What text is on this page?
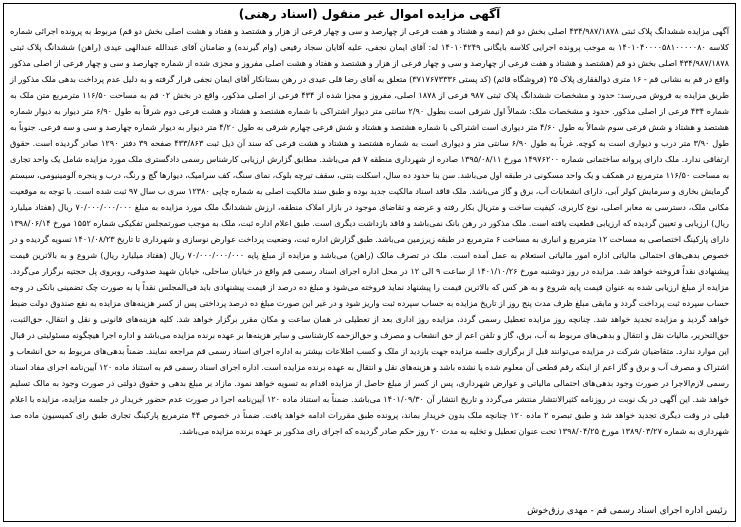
آگهی مزایده اموال غیر منقول (اسناد رهنی)
آگهی مزایده ششدانگ پلاک ثبتی ۴۳۴/۹۸۷/۱۸۷۸ اصلی بخش دو قم (نیمه و هشتاد و هفت فرعی از چهارصد و سی و چهار فرعی از هزار و هشتصد و هفتاد و هشت اصلی بخش دو قم) مربوط به پرونده اجرائی شماره کلاسه ۱۴۰۱۰۴۰۰۰۰۵۸۱۰۰۰۰۰۸۰ به موجب پرونده اجرایی کلاسه بایگانی ۱۴۰۱۰۴۲۴۹ له: آقای ایمان نجفی، علیه آقایان سجاد رفیعی (وام گیرنده) و ضامنان آقای عبدالله عبدالهی عیدی (راهن) ششدانگ پلاک ثبتی ۴۳۴/۹۸۷/۱۸۷۸ اصلی بخش دو قم (هشتصد و هشتاد و هفت فرعی از چهارصد و سی و چهار فرعی از هزار و هشتصد و هفتاد و هشت اصلی مفروز و مجزی شده از شماره چهارصد و سی و چهار فرعی از اصلی مذکور واقع در قم به نشانی قم - ۱۶ متری ذوالفقاری پلاک ۲۵ (فروشگاه قائم) (کد پستی ۳۷۱۷۶۷۳۳۳۶) متعلق به آقای رضا قلی عیدی در رهن بستانکار آقای ایمان نجفی قرار گرفته و به دلیل عدم پرداخت بدهی ملک مذکور از طریق مزایده به فروش می‌رسد: حدود و مشخصات ششدانگ پلاک ثبتی ۹۸۷ فرعی از ۱۸۷۸ اصلی، مفروز و مجزا شده از ۴۳۴ فرعی از اصلی مذکور، واقع در بخش ۰۲ قم به مساحت ۱۱۶/۵۰ مترمربع متن ملک به شماره ۴۳۴ فرعی از اصلی مذکور. حدود و مشخصات ملک: شمالاً اول شرقی است بطول ۲/۹۰ سانتی متر دیوار اشتراکی با شماره هشتصد و هشتاد و هشت فرعی دوم شرقاً به طول ۶/۹۰ متر دیوار به دیوار شماره هشتصد و هشتاد و شش فرعی سوم شمالاً به طول ۴/۶۰ متر دیواری است اشتراکی با شماره هشتصد و هشتاد و شش فرعی چهارم شرقی به طول ۴/۲۰ متر دیوار به دیوار شماره چهارصد و سی و سه فرعی. جنوباً به طول ۳/۹۰ متر درب و دیواری است به کوچه. غرباً به طول ۶/۹۰ سانتی متر و دیواری است به شماره هشتصد و هشتاد و هشت فرعی که سند آن ذیل ثبت ۴۳۳/۸۶۳ صفحه ۳۹ دفتر ۱۲۹۰ صادر گردیده است. حقوق ارتفاقی ندارد. ملک دارای پروانه ساختمانی شماره ۱۴۹۷۶۲۰۰ مورخ ۱۳۹۵/۰۸/۱۱ صادره از شهرداری منطقه ۷ قم می‌باشد. مطابق گزارش ارزیابی کارشناس رسمی دادگستری ملک مورد مزایده شامل یک واحد تجاری به مساحت ۱۱۶/۵۰ مترمربع در همکف و یک واحد مسکونی در طبقه اول می‌باشد. سن بنا حدود ده سال، اسکلت بتنی، سقف تیرچه بلوک، نمای سنگ، کف سرامیک، دیوارها گچ و رنگ، درب و پنجره آلومینیومی، سیستم گرمایش بخاری و سرمایش کولر آبی، دارای انشعابات آب، برق و گاز می‌باشد. ملک فاقد اسناد مالکیت جدید بوده و طبق سند مالکیت اصلی به شماره چاپی ۱۲۳۸۰ سری ب سال ۹۷ ثبت شده است. با توجه به موقعیت مکانی ملک، دسترسی به معابر اصلی، نوع کاربری، کیفیت ساخت و متریال بکار رفته و عرضه و تقاضای موجود در بازار املاک منطقه، ارزش ششدانگ ملک مورد مزایده به مبلغ ۷۰/۰۰۰/۰۰۰/۰۰۰ ریال (هفتاد میلیارد ریال) ارزیابی و تعیین گردیده که ارزیابی قطعیت یافته است. ملک مذکور در رهن بانک نمی‌باشد و فاقد بازداشت دیگری است. طبق اعلام اداره ثبت، ملک به موجب صورتمجلس تفکیکی شماره ۱۵۵۲ مورخ ۱۳۹۸/۰۶/۱۴ دارای پارکینگ اختصاصی به مساحت ۱۲ مترمربع و انباری به مساحت ۶ مترمربع در طبقه زیرزمین می‌باشد. طبق گزارش اداره ثبت، وضعیت پرداخت عوارض نوسازی و شهرداری تا تاریخ ۱۴۰۱/۰۸/۲۳ تسویه گردیده و در خصوص بدهی‌های احتمالی مالیاتی اداره امور مالیاتی استعلام به عمل آمده است. ملک در تصرف مالک (راهن) می‌باشد و مزایده از مبلغ پایه ۷۰/۰۰۰/۰۰۰/۰۰۰ ریال (هفتاد میلیارد ریال) شروع و به بالاترین قیمت پیشنهادی نقداً فروخته خواهد شد. مزایده در روز دوشنبه مورخ ۱۴۰۱/۱۰/۲۶ از ساعت ۹ الی ۱۲ در محل اداره اجرای اسناد رسمی قم واقع در خیابان ساحلی، خیابان شهید صدوقی، روبروی پل حجتیه برگزار می‌گردد. مزایده از مبلغ ارزیابی شده به عنوان قیمت پایه شروع و به هر کس که بالاترین قیمت را پیشنهاد نماید فروخته می‌شود و مبلغ ده درصد از قیمت پیشنهادی باید فی‌المجلس نقداً یا به صورت چک تضمینی بانکی در وجه حساب سپرده ثبت پرداخت گردد و مابقی مبلغ ظرف مدت پنج روز از تاریخ مزایده به حساب سپرده ثبت واریز شود و در غیر این صورت مبلغ ده درصد پرداختی پس از کسر هزینه‌های مزایده به نفع صندوق دولت ضبط خواهد گردید و مزایده تجدید خواهد شد. چنانچه روز مزایده تعطیل رسمی گردد، مزایده روز اداری بعد از تعطیلی در همان ساعت و مکان مقرر برگزار خواهد شد. کلیه هزینه‌های قانونی و نقل و انتقال، حق‌الثبت، حق‌التحریر، مالیات نقل و انتقال و بدهی‌های مربوط به آب، برق، گاز و تلفن اعم از حق انشعاب و مصرف و حق‌الزحمه کارشناسی و سایر هزینه‌ها بر عهده برنده مزایده می‌باشد و اداره اجرا هیچگونه مسئولیتی در قبال این موارد ندارد. متقاضیان شرکت در مزایده می‌توانند قبل از برگزاری جلسه مزایده جهت بازدید از ملک و کسب اطلاعات بیشتر به اداره اجرای اسناد رسمی قم مراجعه نمایند. ضمناً بدهی‌های مربوط به حق انشعاب و اشتراک و مصرف آب و برق و گاز اعم از اینکه رقم قطعی آن معلوم شده یا نشده باشد و هزینه‌های نقل و انتقال به عهده برنده مزایده است. اداره اجرای اسناد رسمی قم به استناد ماده ۱۲۰ آیین‌نامه اجرای مفاد اسناد رسمی لازم‌الاجرا در صورت وجود بدهی‌های احتمالی مالیاتی و عوارض شهرداری، پس از کسر از مبلغ حاصل از مزایده اقدام به تسویه خواهد نمود. مازاد بر مبلغ بدهی و حقوق دولتی در صورت وجود به مالک تسلیم خواهد شد. این آگهی در یک نوبت در روزنامه کثیرالانتشار منتشر می‌گردد و تاریخ انتشار آن ۱۴۰۱/۰۹/۳۰ می‌باشد. ضمناً به استناد ماده ۱۲۰ آیین‌نامه اجرا در صورت عدم حضور خریدار در جلسه مزایده، مزایده با اعلام قبلی در وقت دیگری تجدید خواهد شد و طبق تبصره ۲ ماده ۱۲۰ چنانچه ملک بدون خریدار بماند، پرونده طبق مقررات ادامه خواهد یافت. ضمناً در خصوص ۴۴ مترمربع پارکینگ تجاری طبق رای کمیسیون ماده صد شهرداری به شماره ۱۳۸۹/۰۳/۲۷ مورخ ۱۳۹۸/۰۴/۲۵ تحت عنوان تعطیل و تخلیه به مدت ۲۰ روز حکم صادر گردیده که اجرای رای مذکور بر عهده برنده مزایده می‌باشد.
رئیس اداره اجرای اسناد رسمی قم - مهدی رزق‌خوش
